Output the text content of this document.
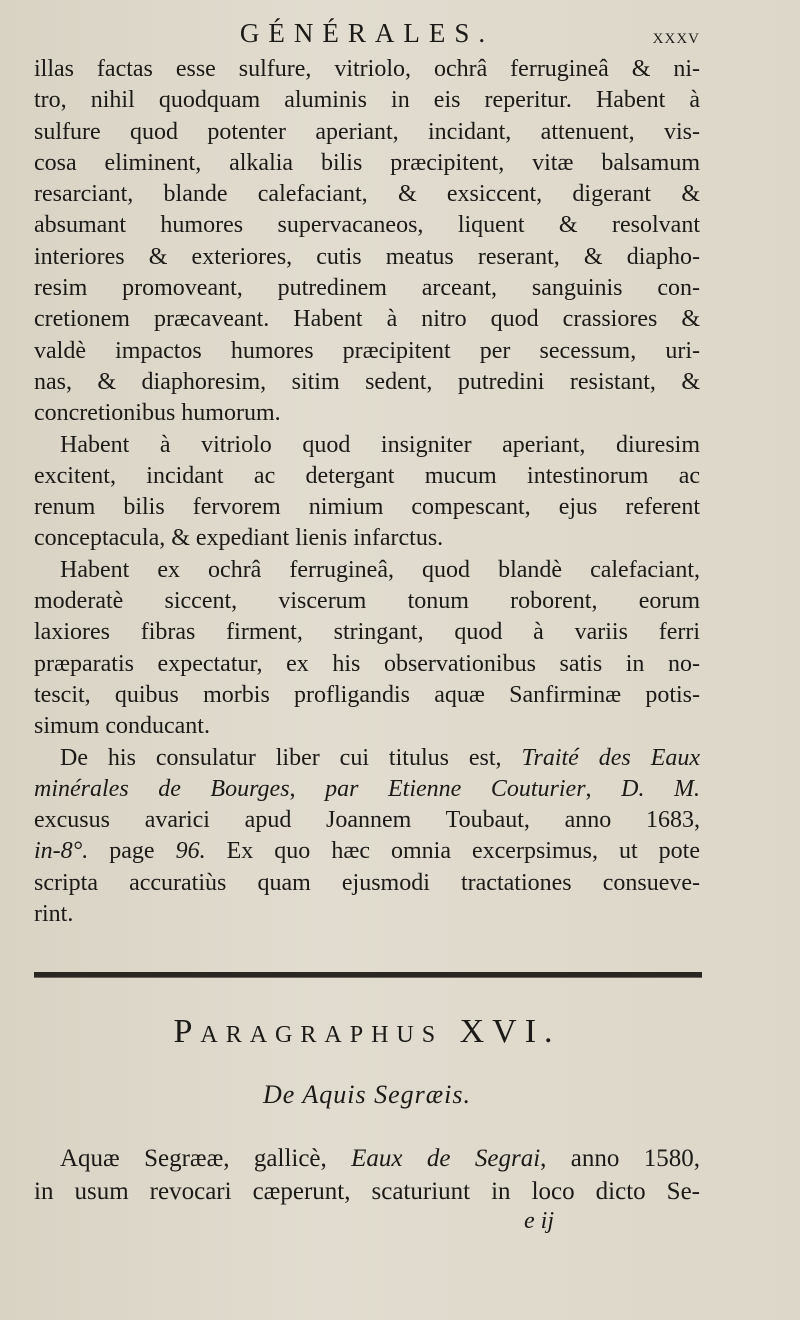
GÉNÉRALES.	xxxv
illas factas esse sulfure, vitriolo, ochrâ ferrugineâ & ni-
tro, nihil quodquam aluminis in eis reperitur. Habent à
sulfure quod potenter aperiant, incidant, attenuent, vis-
cosa eliminent, alkalia bilis præcipitent, vitæ balsamum
resarciant, blande calefaciant, & exsiccent, digerant &
absumant humores supervacaneos, liquent & resolvant
interiores & exteriores, cutis meatus reserant, & diapho-
resim promoveant, putredinem arceant, sanguinis con-
cretionem præcaveant. Habent à nitro quod crassiores &
valdè impactos humores præcipitent per secessum, uri-
nas, & diaphoresim, sitim sedent, putredini resistant, &
concretionibus humorum.
Habent à vitriolo quod insigniter aperiant, diuresim
excitent, incidant ac detergant mucum intestinorum ac
renum bilis fervorem nimium compescant, ejus referent
conceptacula, & expediant lienis infarctus.
Habent ex ochrâ ferrugineâ, quod blandè calefaciant,
moderatè siccent, viscerum tonum roborent, eorum
laxiores fibras firment, stringant, quod à variis ferri
præparatis expectatur, ex his observationibus satis in no-
tescit, quibus morbis profligandis aquæ Sanfirminæ potis-
simum conducant.
De his consulatur liber cui titulus est, Traité des Eaux
minérales de Bourges, par Etienne Couturier, D. M.
excusus avarici apud Joannem Toubaut, anno 1683,
in-8°. page 96. Ex quo hæc omnia excerpsimus, ut pote
scripta accuratiùs quam ejusmodi tractationes consueve-
rint.
Paragraphus XVI.
De Aquis Segræis.
Aquæ Segrææ, gallicè, Eaux de Segrai, anno 1580,
in usum revocari cæperunt, scaturiunt in loco dicto Se-
e ij
